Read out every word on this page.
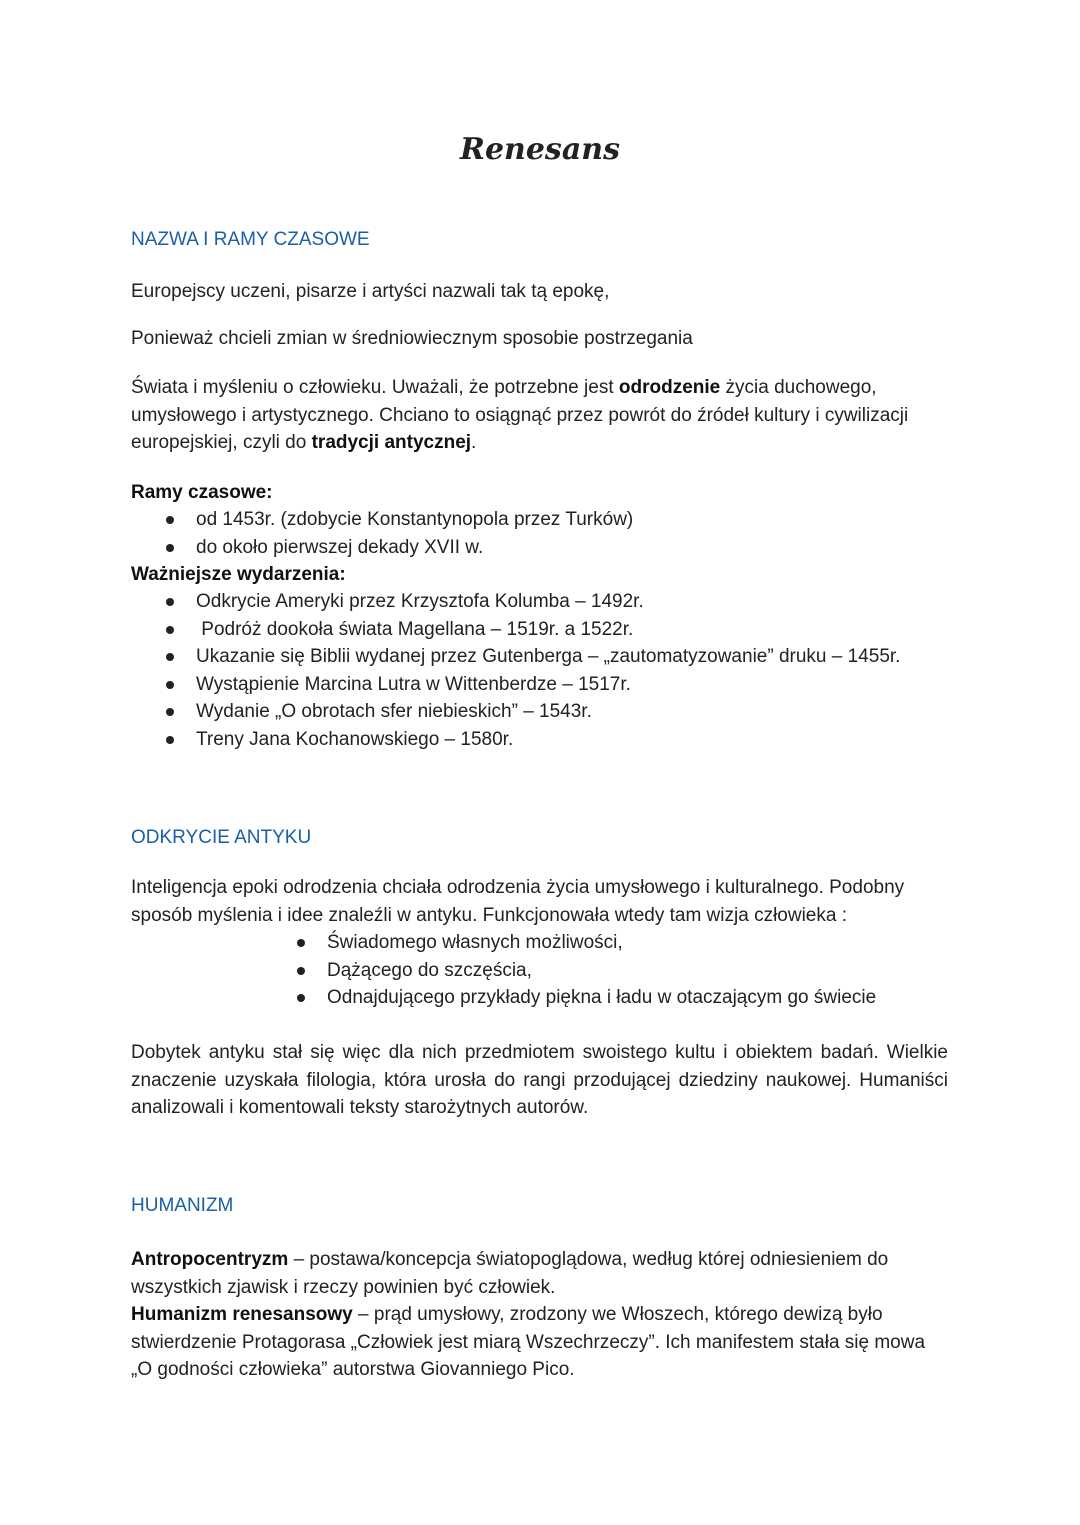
Renesans
NAZWA I RAMY CZASOWE
Europejscy uczeni, pisarze i artyści nazwali tak tą epokę,
Ponieważ chcieli zmian w średniowiecznym sposobie postrzegania
Świata i myśleniu o człowieku. Uważali, że potrzebne jest odrodzenie życia duchowego, umysłowego i artystycznego. Chciano to osiągnąć przez powrót do źródeł kultury i cywilizacji europejskiej, czyli do tradycji antycznej.
Ramy czasowe:
od 1453r. (zdobycie Konstantynopola przez Turków)
do około pierwszej dekady XVII w.
Ważniejsze wydarzenia:
Odkrycie Ameryki przez Krzysztofa Kolumba – 1492r.
Podróż dookoła świata Magellana – 1519r. a 1522r.
Ukazanie się Biblii wydanej przez Gutenberga – „zautomatyzowanie” druku – 1455r.
Wystąpienie Marcina Lutra w Wittenberdze – 1517r.
Wydanie „O obrotach sfer niebieskich” – 1543r.
Treny Jana Kochanowskiego – 1580r.
ODKRYCIE ANTYKU
Inteligencja epoki odrodzenia chciała odrodzenia życia umysłowego i kulturalnego. Podobny sposób myślenia i idee znaleźli w antyku. Funkcjonowała wtedy tam wizja człowieka :
Świadomego własnych możliwości,
Dążącego do szczęścia,
Odnajdującego przykłady piękna i ładu w otaczającym go świecie
Dobytek antyku stał się więc dla nich przedmiotem swoistego kultu i obiektem badań. Wielkie znaczenie uzyskała filologia, która urosła do rangi przodującej dziedziny naukowej. Humaniści analizowali i komentowali teksty starożytnych autorów.
HUMANIZM
Antropocentryzm – postawa/koncepcja światopoglądowa, według której odniesieniem do wszystkich zjawisk i rzeczy powinien być człowiek.
Humanizm renesansowy – prąd umysłowy, zrodzony we Włoszech, którego dewizą było stwierdzenie Protagorasa „Człowiek jest miarą Wszechrzeczy”. Ich manifestem stała się mowa „O godności człowieka” autorstwa Giovanniego Pico.
